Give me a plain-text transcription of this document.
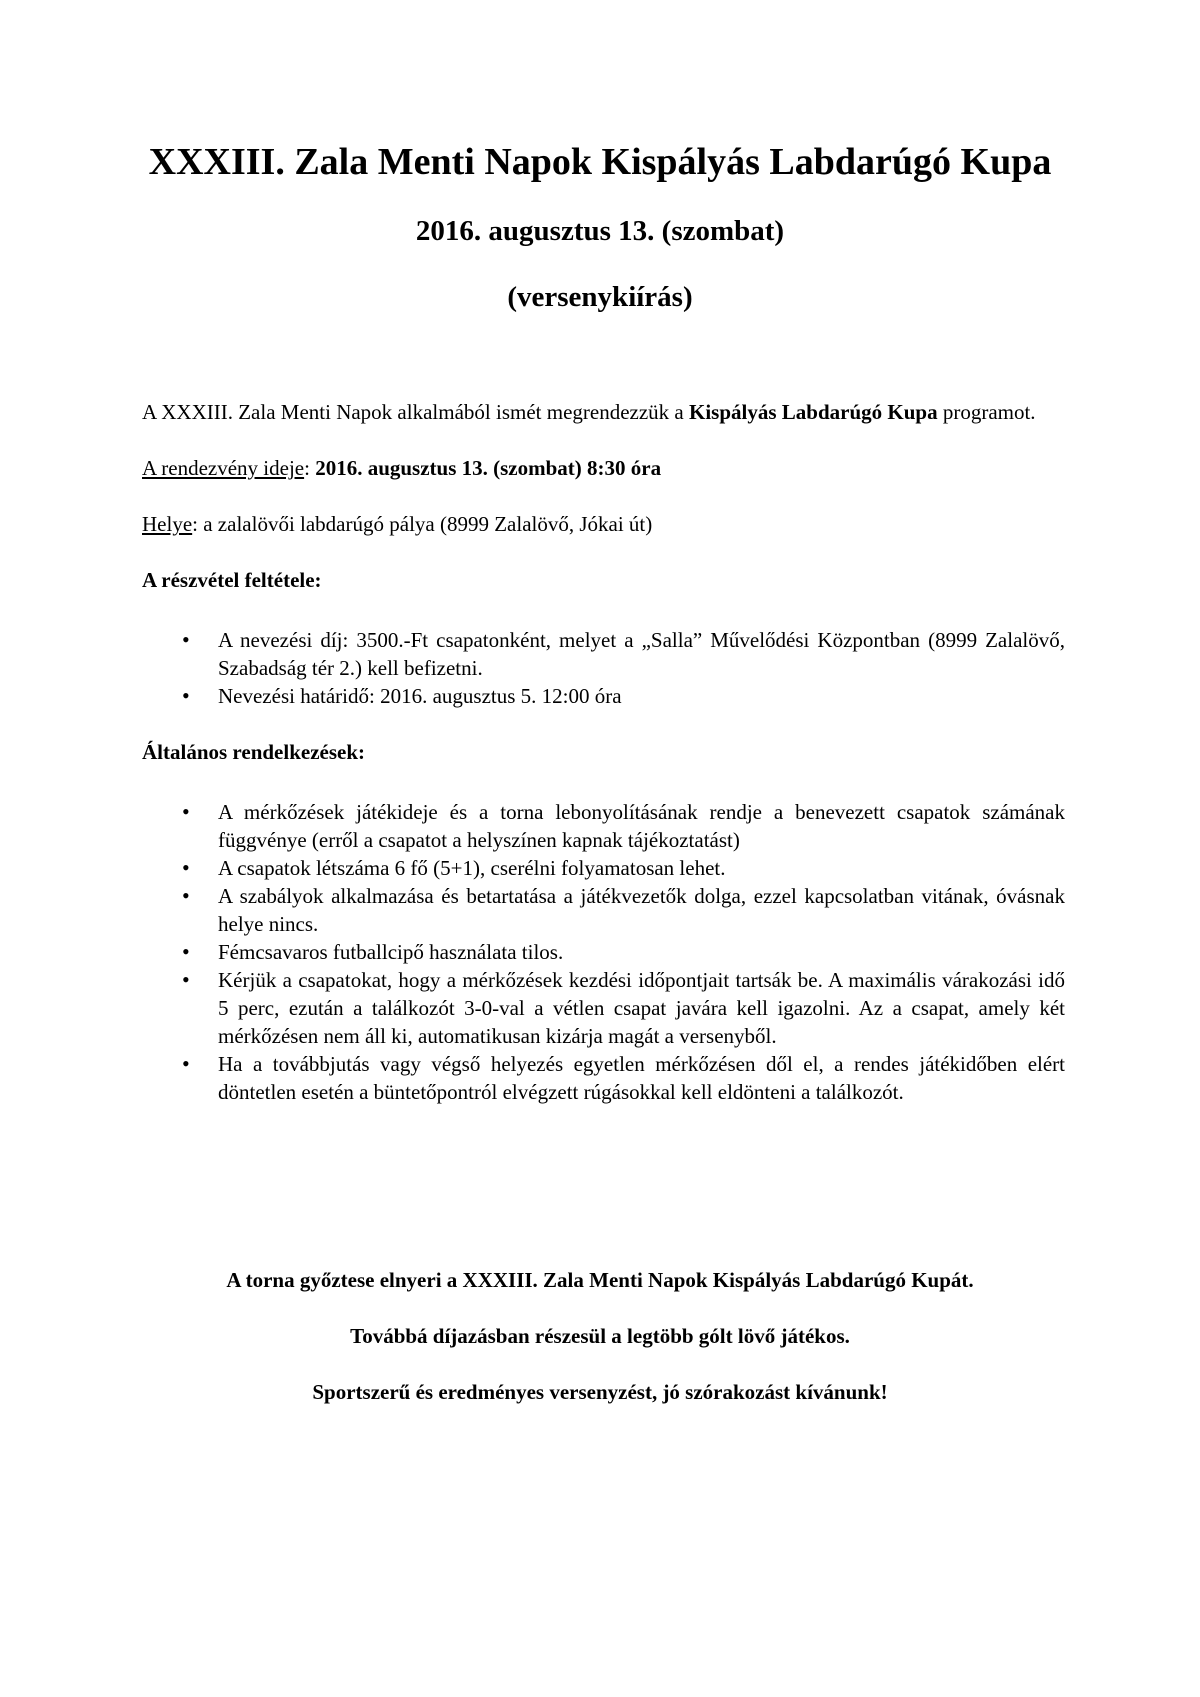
XXXIII. Zala Menti Napok Kispályás Labdarúgó Kupa
2016. augusztus 13. (szombat)
(versenykiírás)

A XXXIII. Zala Menti Napok alkalmából ismét megrendezzük a Kispályás Labdarúgó Kupa programot.

A rendezvény ideje: 2016. augusztus 13. (szombat) 8:30 óra

Helye: a zalalövői labdarúgó pálya (8999 Zalalövő, Jókai út)

A részvétel feltétele:

• A nevezési díj: 3500.-Ft csapatonként, melyet a „Salla” Művelődési Központban (8999 Zalalövő, Szabadság tér 2.) kell befizetni.
• Nevezési határidő: 2016. augusztus 5. 12:00 óra

Általános rendelkezések:

• A mérkőzések játékideje és a torna lebonyolításának rendje a benevezett csapatok számának függvénye (erről a csapatot a helyszínen kapnak tájékoztatást)
• A csapatok létszáma 6 fő (5+1), cserélni folyamatosan lehet.
• A szabályok alkalmazása és betartatása a játékvezetők dolga, ezzel kapcsolatban vitának, óvásnak helye nincs.
• Fémcsavaros futballcipő használata tilos.
• Kérjük a csapatokat, hogy a mérkőzések kezdési időpontjait tartsák be. A maximális várakozási idő 5 perc, ezután a találkozót 3-0-val a vétlen csapat javára kell igazolni. Az a csapat, amely két mérkőzésen nem áll ki, automatikusan kizárja magát a versenyből.
• Ha a továbbjutás vagy végső helyezés egyetlen mérkőzésen dől el, a rendes játékidőben elért döntetlen esetén a büntetőpontról elvégzett rúgásokkal kell eldönteni a találkozót.

A torna győztese elnyeri a XXXIII. Zala Menti Napok Kispályás Labdarúgó Kupát.

Továbbá díjazásban részesül a legtöbb gólt lövő játékos.

Sportszerű és eredményes versenyzést, jó szórakozást kívánunk!
